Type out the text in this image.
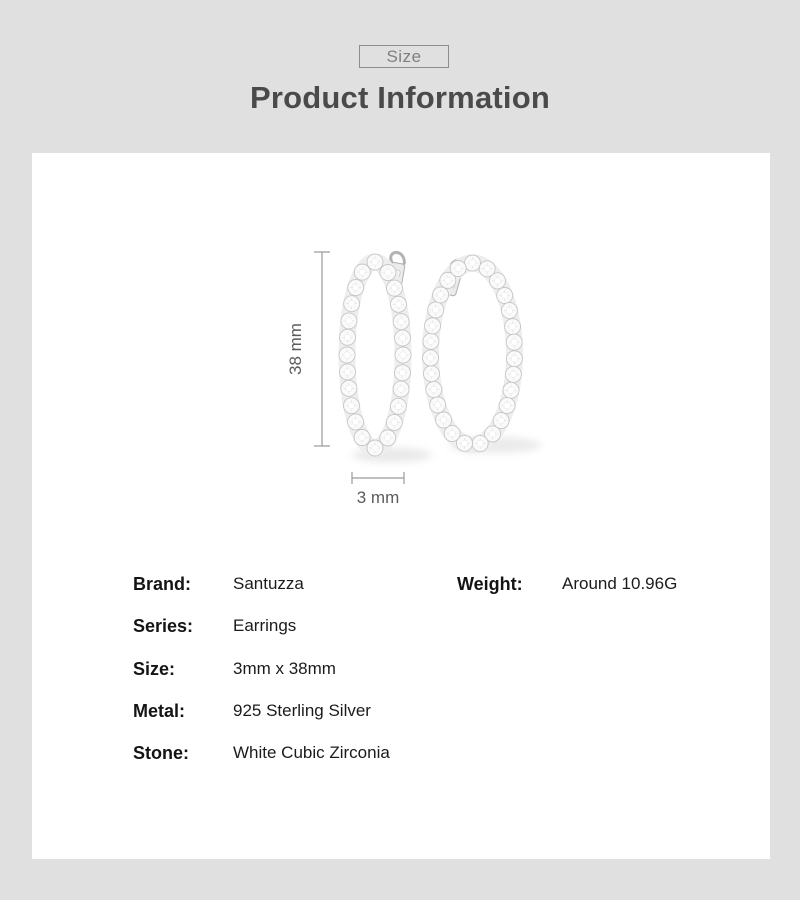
Size
Product Information
38 mm
3 mm
Brand: Santuzza
Series: Earrings
Size:	3mm x 38mm
Metal:	925 Sterling Silver
Stone:	White Cubic Zirconia
Weight: Around 10.96G
